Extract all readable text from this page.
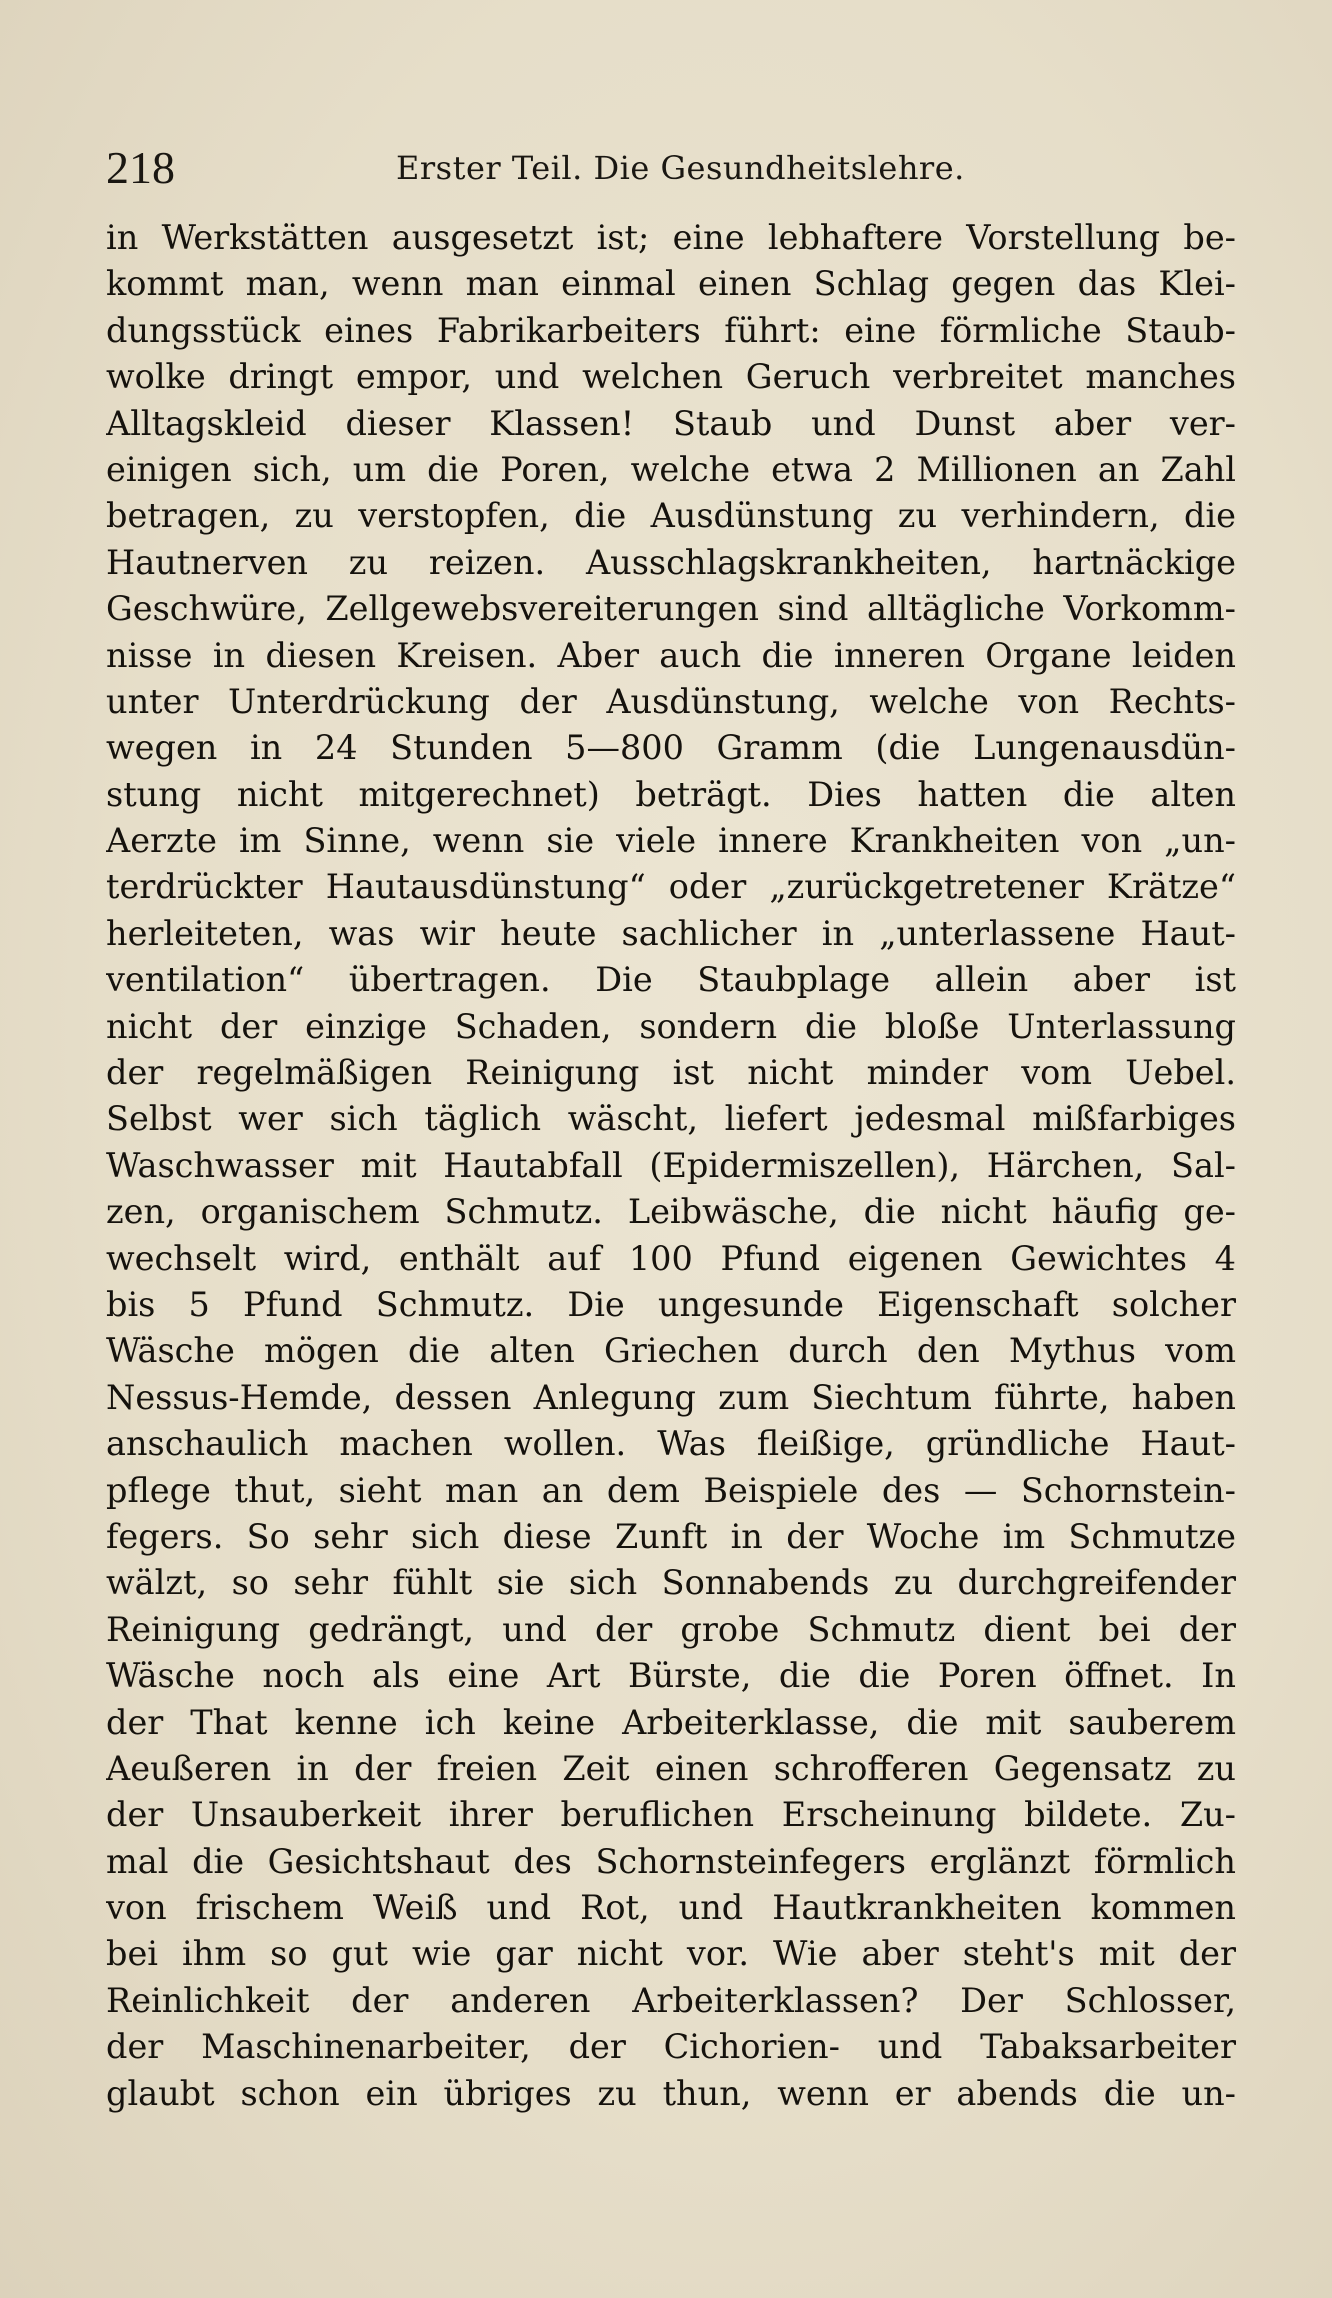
218	Erster Teil. Die Gesundheitslehre.
in Werkstätten ausgesetzt ist; eine lebhaftere Vorstellung be-
kommt man, wenn man einmal einen Schlag gegen das Klei-
dungsstück eines Fabrikarbeiters führt: eine förmliche Staub-
wolke dringt empor, und welchen Geruch verbreitet manches
Alltagskleid dieser Klassen! Staub und Dunst aber ver-
einigen sich, um die Poren, welche etwa 2 Millionen an Zahl
betragen, zu verstopfen, die Ausdünstung zu verhindern, die
Hautnerven zu reizen. Ausschlagskrankheiten, hartnäckige
Geschwüre, Zellgewebsvereiterungen sind alltägliche Vorkomm-
nisse in diesen Kreisen. Aber auch die inneren Organe leiden
unter Unterdrückung der Ausdünstung, welche von Rechts-
wegen in 24 Stunden 5—800 Gramm (die Lungenausdün-
stung nicht mitgerechnet) beträgt. Dies hatten die alten
Aerzte im Sinne, wenn sie viele innere Krankheiten von „un-
terdrückter Hautausdünstung“ oder „zurückgetretener Krätze“
herleiteten, was wir heute sachlicher in „unterlassene Haut-
ventilation“ übertragen. Die Staubplage allein aber ist
nicht der einzige Schaden, sondern die bloße Unterlassung
der regelmäßigen Reinigung ist nicht minder vom Uebel.
Selbst wer sich täglich wäscht, liefert jedesmal mißfarbiges
Waschwasser mit Hautabfall (Epidermiszellen), Härchen, Sal-
zen, organischem Schmutz. Leibwäsche, die nicht häufig ge-
wechselt wird, enthält auf 100 Pfund eigenen Gewichtes 4
bis 5 Pfund Schmutz. Die ungesunde Eigenschaft solcher
Wäsche mögen die alten Griechen durch den Mythus vom
Nessus-Hemde, dessen Anlegung zum Siechtum führte, haben
anschaulich machen wollen. Was fleißige, gründliche Haut-
pflege thut, sieht man an dem Beispiele des — Schornstein-
fegers. So sehr sich diese Zunft in der Woche im Schmutze
wälzt, so sehr fühlt sie sich Sonnabends zu durchgreifender
Reinigung gedrängt, und der grobe Schmutz dient bei der
Wäsche noch als eine Art Bürste, die die Poren öffnet. In
der That kenne ich keine Arbeiterklasse, die mit sauberem
Aeußeren in der freien Zeit einen schrofferen Gegensatz zu
der Unsauberkeit ihrer beruflichen Erscheinung bildete. Zu-
mal die Gesichtshaut des Schornsteinfegers erglänzt förmlich
von frischem Weiß und Rot, und Hautkrankheiten kommen
bei ihm so gut wie gar nicht vor. Wie aber steht's mit der
Reinlichkeit der anderen Arbeiterklassen? Der Schlosser,
der Maschinenarbeiter, der Cichorien- und Tabaksarbeiter
glaubt schon ein übriges zu thun, wenn er abends die un-
